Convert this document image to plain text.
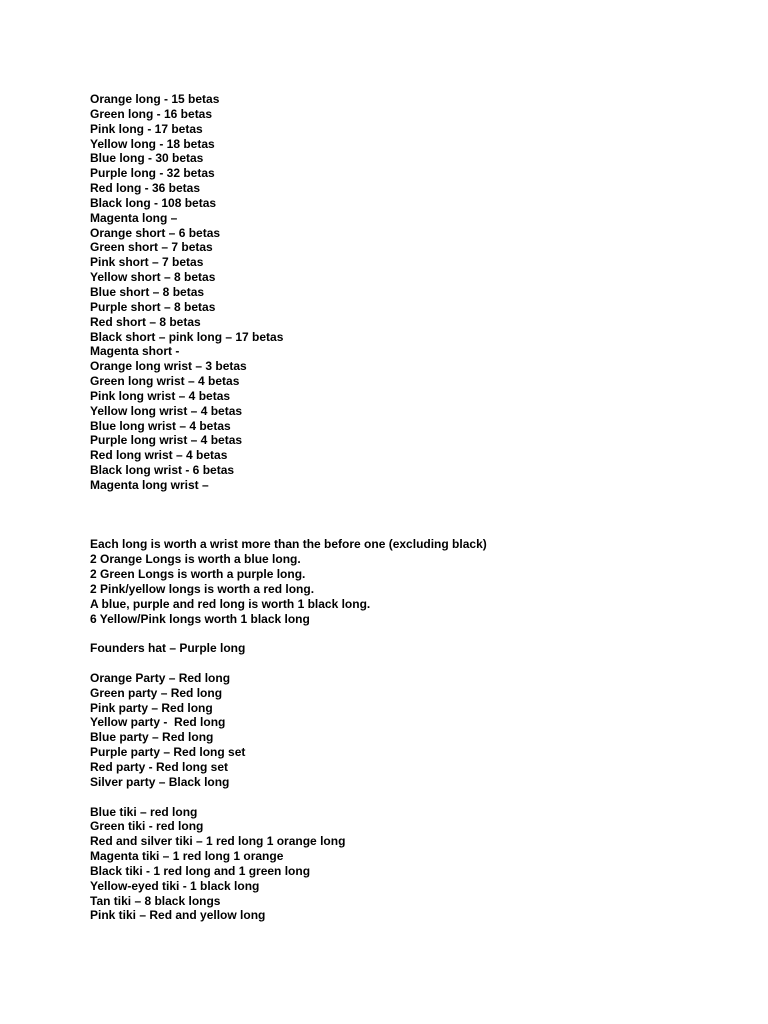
Orange long - 15 betas
Green long - 16 betas
Pink long - 17 betas
Yellow long - 18 betas
Blue long - 30 betas
Purple long - 32 betas
Red long - 36 betas
Black long - 108 betas
Magenta long –
Orange short – 6 betas
Green short – 7 betas
Pink short – 7 betas
Yellow short – 8 betas
Blue short – 8 betas
Purple short – 8 betas
Red short – 8 betas
Black short – pink long – 17 betas
Magenta short -
Orange long wrist – 3 betas
Green long wrist – 4 betas
Pink long wrist – 4 betas
Yellow long wrist – 4 betas
Blue long wrist – 4 betas
Purple long wrist – 4 betas
Red long wrist – 4 betas
Black long wrist - 6 betas
Magenta long wrist –
Each long is worth a wrist more than the before one (excluding black)
2 Orange Longs is worth a blue long.
2 Green Longs is worth a purple long.
2 Pink/yellow longs is worth a red long.
A blue, purple and red long is worth 1 black long.
6 Yellow/Pink longs worth 1 black long
Founders hat – Purple long
Orange Party – Red long
Green party – Red long
Pink party – Red long
Yellow party -  Red long
Blue party – Red long
Purple party – Red long set
Red party - Red long set
Silver party – Black long
Blue tiki – red long
Green tiki - red long
Red and silver tiki – 1 red long 1 orange long
Magenta tiki – 1 red long 1 orange
Black tiki - 1 red long and 1 green long
Yellow-eyed tiki - 1 black long
Tan tiki – 8 black longs
Pink tiki – Red and yellow long
